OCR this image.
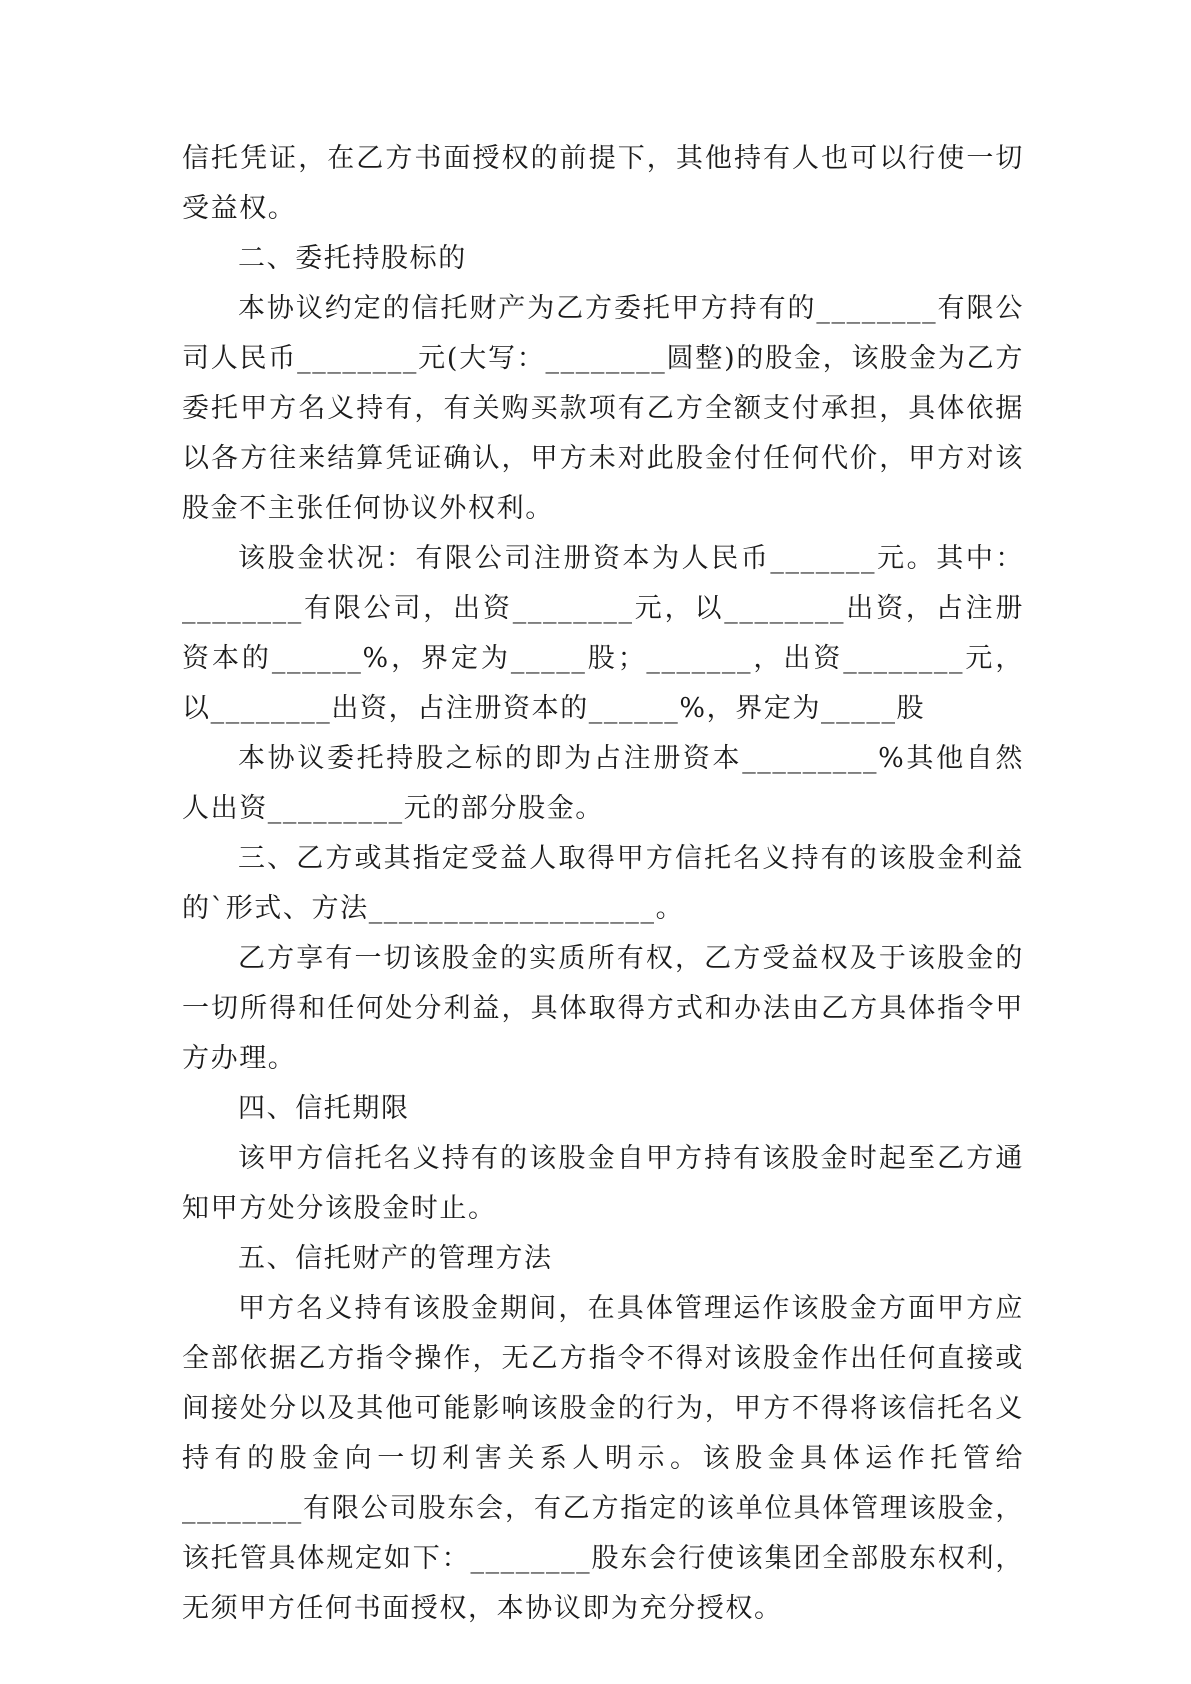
信托凭证，在乙方书面授权的前提下，其他持有人也可以行使一切受益权。

二、委托持股标的

本协议约定的信托财产为乙方委托甲方持有的________有限公司人民币________元(大写：________圆整)的股金，该股金为乙方委托甲方名义持有，有关购买款项有乙方全额支付承担，具体依据以各方往来结算凭证确认，甲方未对此股金付任何代价，甲方对该股金不主张任何协议外权利。

该股金状况：有限公司注册资本为人民币_______元。其中：________有限公司，出资________元，以________出资，占注册资本的______%，界定为_____股；_______，出资________元，以________出资，占注册资本的______%，界定为_____股

本协议委托持股之标的即为占注册资本_________%其他自然人出资_________元的部分股金。

三、乙方或其指定受益人取得甲方信托名义持有的该股金利益的`形式、方法___________________。

乙方享有一切该股金的实质所有权，乙方受益权及于该股金的一切所得和任何处分利益，具体取得方式和办法由乙方具体指令甲方办理。

四、信托期限

该甲方信托名义持有的该股金自甲方持有该股金时起至乙方通知甲方处分该股金时止。

五、信托财产的管理方法

甲方名义持有该股金期间，在具体管理运作该股金方面甲方应全部依据乙方指令操作，无乙方指令不得对该股金作出任何直接或间接处分以及其他可能影响该股金的行为，甲方不得将该信托名义持有的股金向一切利害关系人明示。该股金具体运作托管给________有限公司股东会，有乙方指定的该单位具体管理该股金，该托管具体规定如下：________股东会行使该集团全部股东权利，无须甲方任何书面授权，本协议即为充分授权。
